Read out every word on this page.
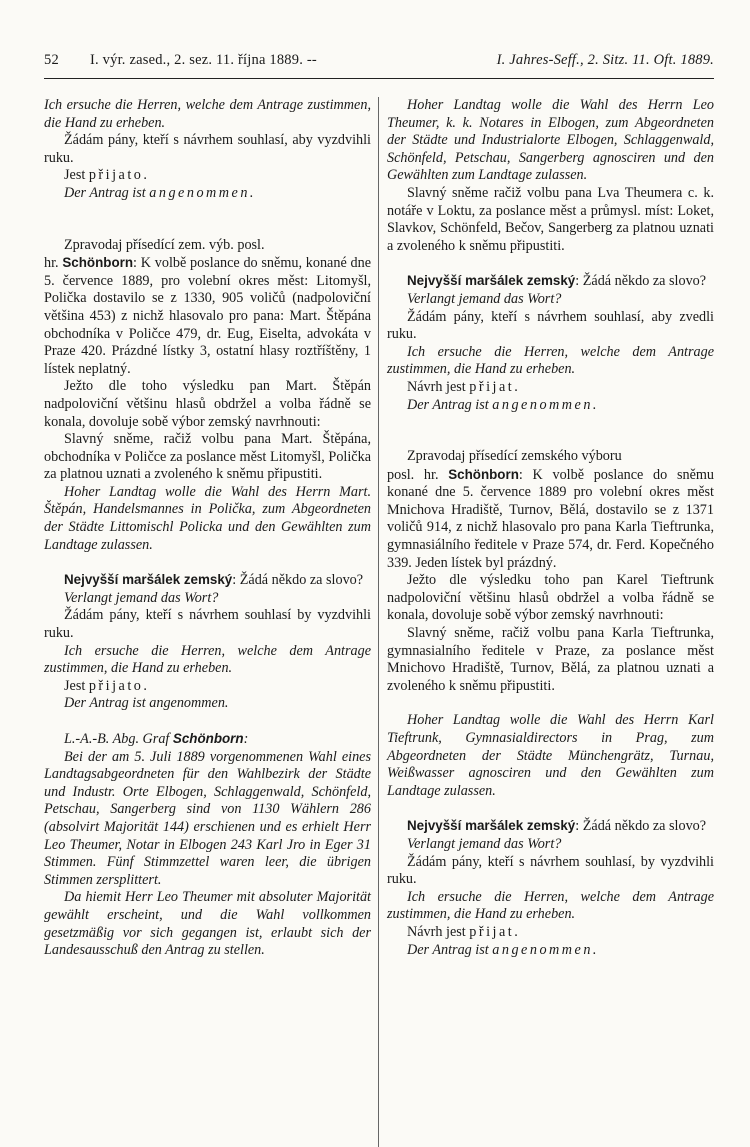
52	I. výr. zased., 2. sez. 11. října 1889. --	I. Jahres-Seff., 2. Sitz. 11. Oft. 1889.

Ich ersuche die Herren, welche dem Antrage zustimmen, die Hand zu erheben.

Žádám pány, kteří s návrhem souhlasí, aby vyzdvihli ruku.

Jest přijato.

Der Antrag ist angenommen.

Zpravodaj přísedící zem. výb. posl.

hr. Schönborn: K volbě poslance do sněmu, konané dne 5. července 1889, pro volební okres měst: Litomyšl, Polička dostavilo se z 1330, 905 voličů (nadpoloviční většina 453) z nichž hlasovalo pro pana: Mart. Štěpána obchodníka v Poličce 479, dr. Eug, Eiselta, advokáta v Praze 420. Prázdné lístky 3, ostatní hlasy roztříštěny, 1 lístek neplatný.

Ježto dle toho výsledku pan Mart. Štěpán nadpoloviční většinu hlasů obdržel a volba řádně se konala, dovoluje sobě výbor zemský navrhnouti:

Slavný sněme, račiž volbu pana Mart. Štěpána, obchodníka v Poličce za poslance měst Litomyšl, Polička za platnou uznati a zvoleného k sněmu připustiti.

Hoher Landtag wolle die Wahl des Herrn Mart. Štěpán, Handelsmannes in Polička, zum Abgeordneten der Städte Littomischl Policka und den Gewählten zum Landtage zulassen.

Nejvyšší maršálek zemský: Žádá někdo za slovo?

Verlangt jemand das Wort?

Žádám pány, kteří s návrhem souhlasí by vyzdvihli ruku.

Ich ersuche die Herren, welche dem Antrage zustimmen, die Hand zu erheben.

Jest přijato.

Der Antrag ist angenommen.

L.-A.-B. Abg. Graf Schönborn:

Bei der am 5. Juli 1889 vorgenommenen Wahl eines Landtagsabgeordneten für den Wahlbezirk der Städte und Industr. Orte Elbogen, Schlaggenwald, Schönfeld, Petschau, Sangerberg sind von 1130 Wählern 286 (absolvirt Majorität 144) erschienen und es erhielt Herr Leo Theumer, Notar in Elbogen 243 Karl Jro in Eger 31 Stimmen. Fünf Stimmzettel waren leer, die übrigen Stimmen zersplittert.

Da hiemit Herr Leo Theumer mit absoluter Majorität gewählt erscheint, und die Wahl vollkommen gesetzmäßig vor sich gegangen ist, erlaubt sich der Landesausschuß den Antrag zu stellen.

Hoher Landtag wolle die Wahl des Herrn Leo Theumer, k. k. Notares in Elbogen, zum Abgeordneten der Städte und Industrialorte Elbogen, Schlaggenwald, Schönfeld, Petschau, Sangerberg agnosciren und den Gewählten zum Landtage zulassen.

Slavný sněme račiž volbu pana Lva Theumera c. k. notáře v Loktu, za poslance měst a průmysl. míst: Loket, Slavkov, Schönfeld, Bečov, Sangerberg za platnou uznati a zvoleného k sněmu připustiti.

Nejvyšší maršálek zemský: Žádá někdo za slovo?

Verlangt jemand das Wort?

Žádám pány, kteří s návrhem souhlasí, aby zvedli ruku.

Ich ersuche die Herren, welche dem Antrage zustimmen, die Hand zu erheben.

Návrh jest přijat.

Der Antrag ist angenommen.

Zpravodaj přísedící zemského výboru

posl. hr. Schönborn: K volbě poslance do sněmu konané dne 5. července 1889 pro volební okres měst Mnichova Hradiště, Turnov, Bělá, dostavilo se z 1371 voličů 914, z nichž hlasovalo pro pana Karla Tieftrunka, gymnasiálního ředitele v Praze 574, dr. Ferd. Kopečného 339. Jeden lístek byl prázdný.

Ježto dle výsledku toho pan Karel Tieftrunk nadpoloviční většinu hlasů obdržel a volba řádně se konala, dovoluje sobě výbor zemský navrhnouti:

Slavný sněme, račiž volbu pana Karla Tieftrunka, gymnasialního ředitele v Praze, za poslance měst Mnichovo Hradiště, Turnov, Bělá, za platnou uznati a zvoleného k sněmu připustiti.

Hoher Landtag wolle die Wahl des Herrn Karl Tieftrunk, Gymnasialdirectors in Prag, zum Abgeordneten der Städte Münchengrätz, Turnau, Weißwasser agnosciren und den Gewählten zum Landtage zulassen.

Nejvyšší maršálek zemský: Žádá někdo za slovo?

Verlangt jemand das Wort?

Žádám pány, kteří s návrhem souhlasí, by vyzdvihli ruku.

Ich ersuche die Herren, welche dem Antrage zustimmen, die Hand zu erheben.

Návrh jest přijat.

Der Antrag ist angenommen.
